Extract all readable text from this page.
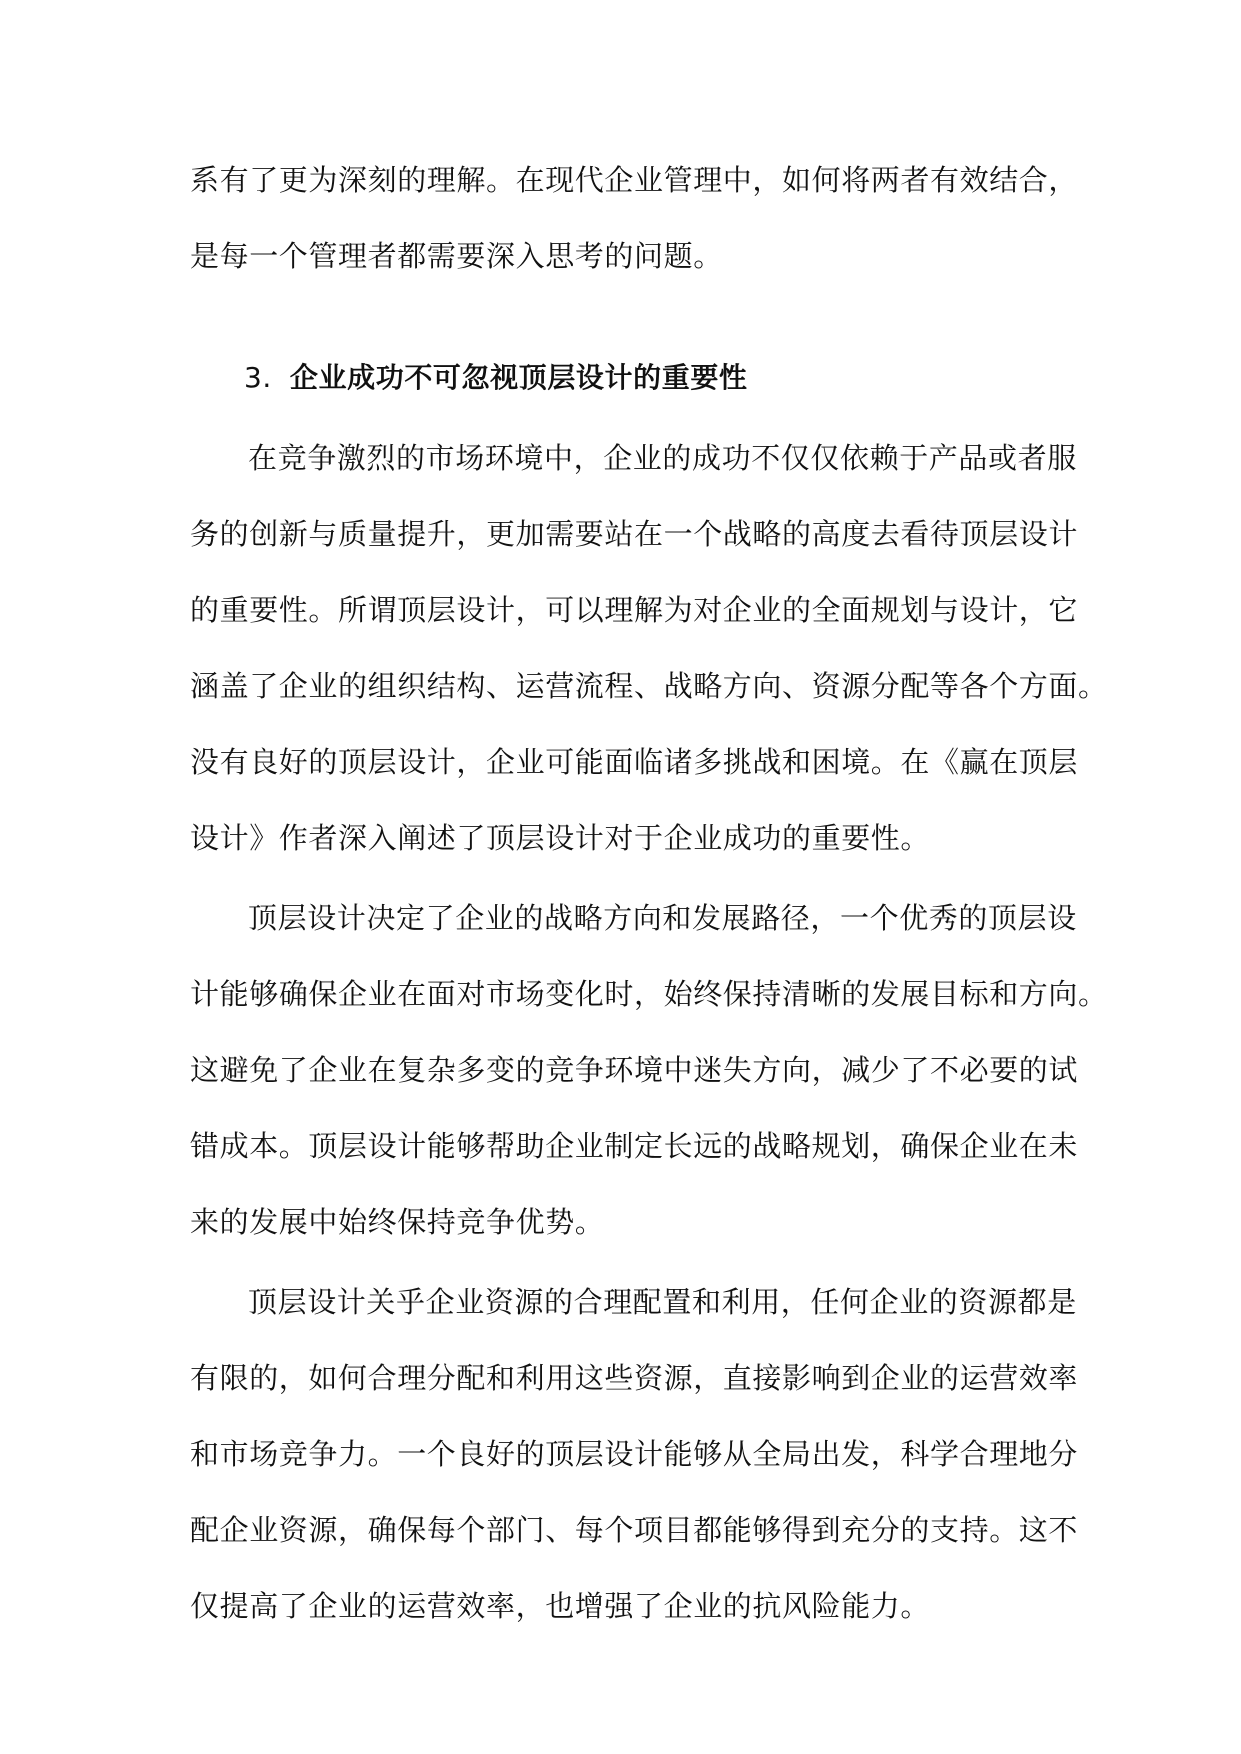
系有了更为深刻的理解。在现代企业管理中，如何将两者有效结合，
是每一个管理者都需要深入思考的问题。
3. 企业成功不可忽视顶层设计的重要性
在竞争激烈的市场环境中，企业的成功不仅仅依赖于产品或者服
务的创新与质量提升，更加需要站在一个战略的高度去看待顶层设计
的重要性。所谓顶层设计，可以理解为对企业的全面规划与设计，它
涵盖了企业的组织结构、运营流程、战略方向、资源分配等各个方面。
没有良好的顶层设计，企业可能面临诸多挑战和困境。在《赢在顶层
设计》作者深入阐述了顶层设计对于企业成功的重要性。
顶层设计决定了企业的战略方向和发展路径，一个优秀的顶层设
计能够确保企业在面对市场变化时，始终保持清晰的发展目标和方向。
这避免了企业在复杂多变的竞争环境中迷失方向，减少了不必要的试
错成本。顶层设计能够帮助企业制定长远的战略规划，确保企业在未
来的发展中始终保持竞争优势。
顶层设计关乎企业资源的合理配置和利用，任何企业的资源都是
有限的，如何合理分配和利用这些资源，直接影响到企业的运营效率
和市场竞争力。一个良好的顶层设计能够从全局出发，科学合理地分
配企业资源，确保每个部门、每个项目都能够得到充分的支持。这不
仅提高了企业的运营效率，也增强了企业的抗风险能力。
